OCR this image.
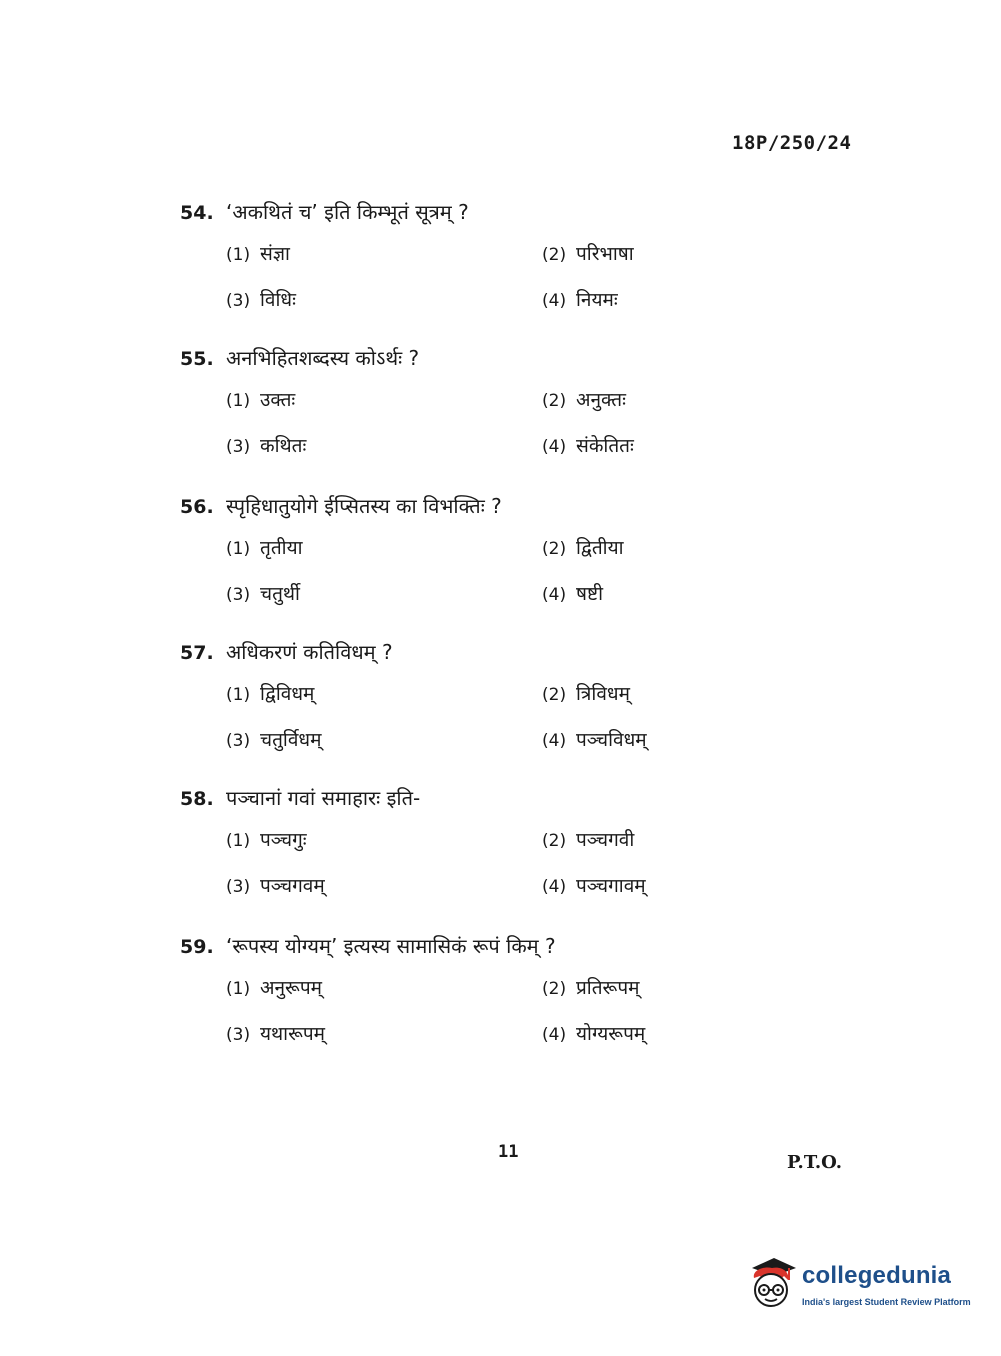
18P/250/24
54. ‘अकथितं च’ इति किम्भूतं सूत्रम् ?
(1) संज्ञा	(2) परिभाषा
(3) विधिः	(4) नियमः
55. अनभिहितशब्दस्य कोऽर्थः ?
(1) उक्तः	(2) अनुक्तः
(3) कथितः	(4) संकेतितः
56. स्पृहिधातुयोगे ईप्सितस्य का विभक्तिः ?
(1) तृतीया	(2) द्वितीया
(3) चतुर्थी	(4) षष्टी
57. अधिकरणं कतिविधम् ?
(1) द्विविधम्	(2) त्रिविधम्
(3) चतुर्विधम्	(4) पञ्चविधम्
58. पञ्चानां गवां समाहारः इति-
(1) पञ्चगुः	(2) पञ्चगवी
(3) पञ्चगवम्	(4) पञ्चगावम्
59. ‘रूपस्य योग्यम्’ इत्यस्य सामासिकं रूपं किम् ?
(1) अनुरूपम्	(2) प्रतिरूपम्
(3) यथारूपम्	(4) योग्यरूपम्
11	P.T.O.
collegedunia
India's largest Student Review Platform
